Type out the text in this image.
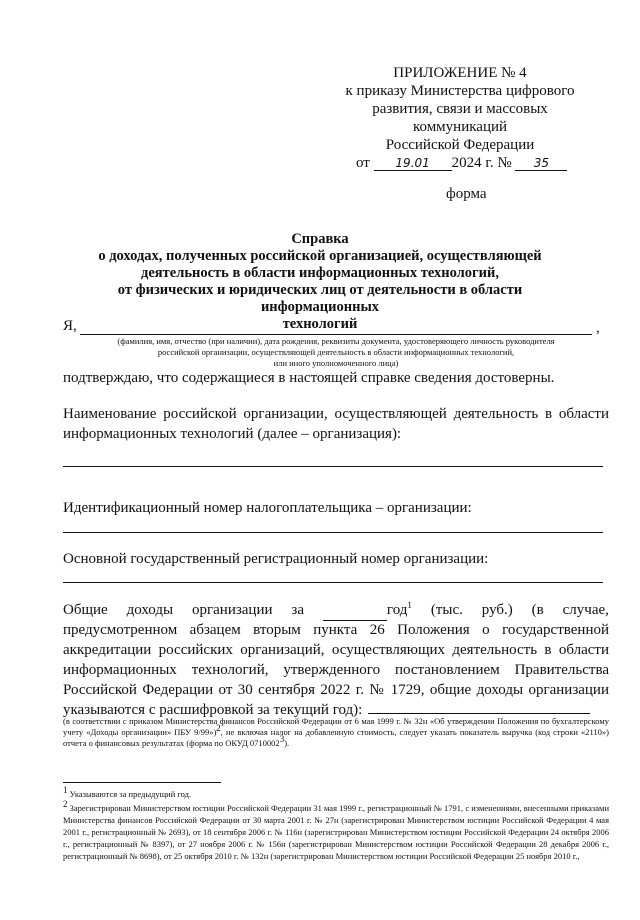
ПРИЛОЖЕНИЕ № 4
к приказу Министерства цифрового
развития, связи и массовых
коммуникаций
Российской Федерации
от 19.01 2024 г. № 35
форма
Справка
о доходах, полученных российской организацией, осуществляющей
деятельность в области информационных технологий,
от физических и юридических лиц от деятельности в области информационных
технологий
Я,	,
(фамилия, имя, отчество (при наличии), дата рождения, реквизиты документа, удостоверяющего личность руководителя
российской организации, осуществляющей деятельность в области информационных технологий,
или иного уполномоченного лица)
подтверждаю, что содержащиеся в настоящей справке сведения достоверны.
Наименование российской организации, осуществляющей деятельность в области информационных технологий (далее – организация):
Идентификационный номер налогоплательщика – организации:
Основной государственный регистрационный номер организации:
Общие доходы организации за	год$^1$ (тыс. руб.) (в случае,
предусмотренном абзацем вторым пункта 26 Положения о государственной аккредитации российских организаций, осуществляющих деятельность в области информационных технологий, утвержденного постановлением Правительства Российской Федерации от 30 сентября 2022 г. № 1729, общие доходы организации указываются с расшифровкой за текущий год):
(в соответствии с приказом Министерства финансов Российской Федерации от 6 мая 1999 г. № 32н «Об утверждении Положения по бухгалтерскому учету «Доходы организации» ПБУ 9/99»)$^2$, не включая налог на добавленную стоимость, следует указать показатель выручка (код строки «2110») отчета о финансовых результатах (форма по ОКУД 0710002$^3$).
$^1$ Указываются за предыдущий год.
$^2$ Зарегистрирован Министерством юстиции Российской Федерации 31 мая 1999 г., регистрационный № 1791, с изменениями, внесенными приказами Министерства финансов Российской Федерации от 30 марта 2001 г. № 27н (зарегистрирован Министерством юстиции Российской Федерации 4 мая 2001 г., регистрационный № 2693), от 18 сентября 2006 г. № 116н (зарегистрирован Министерством юстиции Российской Федерации 24 октября 2006 г., регистрационный № 8397), от 27 ноября 2006 г. № 156н (зарегистрирован Министерством юстиции Российской Федерации 28 декабря 2006 г., регистрационный № 8698), от 25 октября 2010 г. № 132н (зарегистрирован Министерством юстиции Российской Федерации 25 ноября 2010 г.,
